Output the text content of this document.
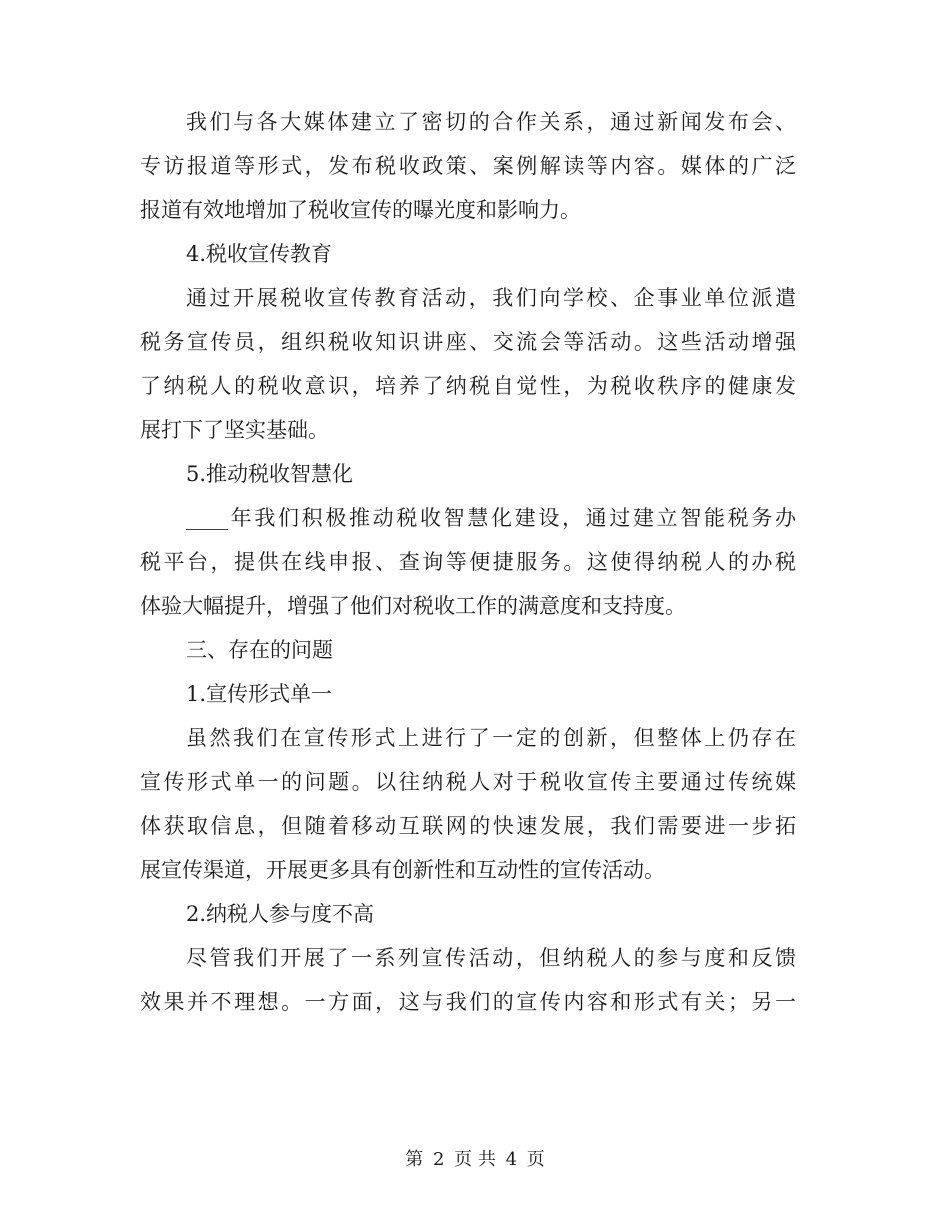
我们与各大媒体建立了密切的合作关系，通过新闻发布会、
专访报道等形式，发布税收政策、案例解读等内容。媒体的广泛
报道有效地增加了税收宣传的曝光度和影响力。
4.税收宣传教育
通过开展税收宣传教育活动，我们向学校、企事业单位派遣
税务宣传员，组织税收知识讲座、交流会等活动。这些活动增强
了纳税人的税收意识，培养了纳税自觉性，为税收秩序的健康发
展打下了坚实基础。
5.推动税收智慧化
____年我们积极推动税收智慧化建设，通过建立智能税务办
税平台，提供在线申报、查询等便捷服务。这使得纳税人的办税
体验大幅提升，增强了他们对税收工作的满意度和支持度。
三、存在的问题
1.宣传形式单一
虽然我们在宣传形式上进行了一定的创新，但整体上仍存在
宣传形式单一的问题。以往纳税人对于税收宣传主要通过传统媒
体获取信息，但随着移动互联网的快速发展，我们需要进一步拓
展宣传渠道，开展更多具有创新性和互动性的宣传活动。
2.纳税人参与度不高
尽管我们开展了一系列宣传活动，但纳税人的参与度和反馈
效果并不理想。一方面，这与我们的宣传内容和形式有关；另一
第 2 页 共 4 页
